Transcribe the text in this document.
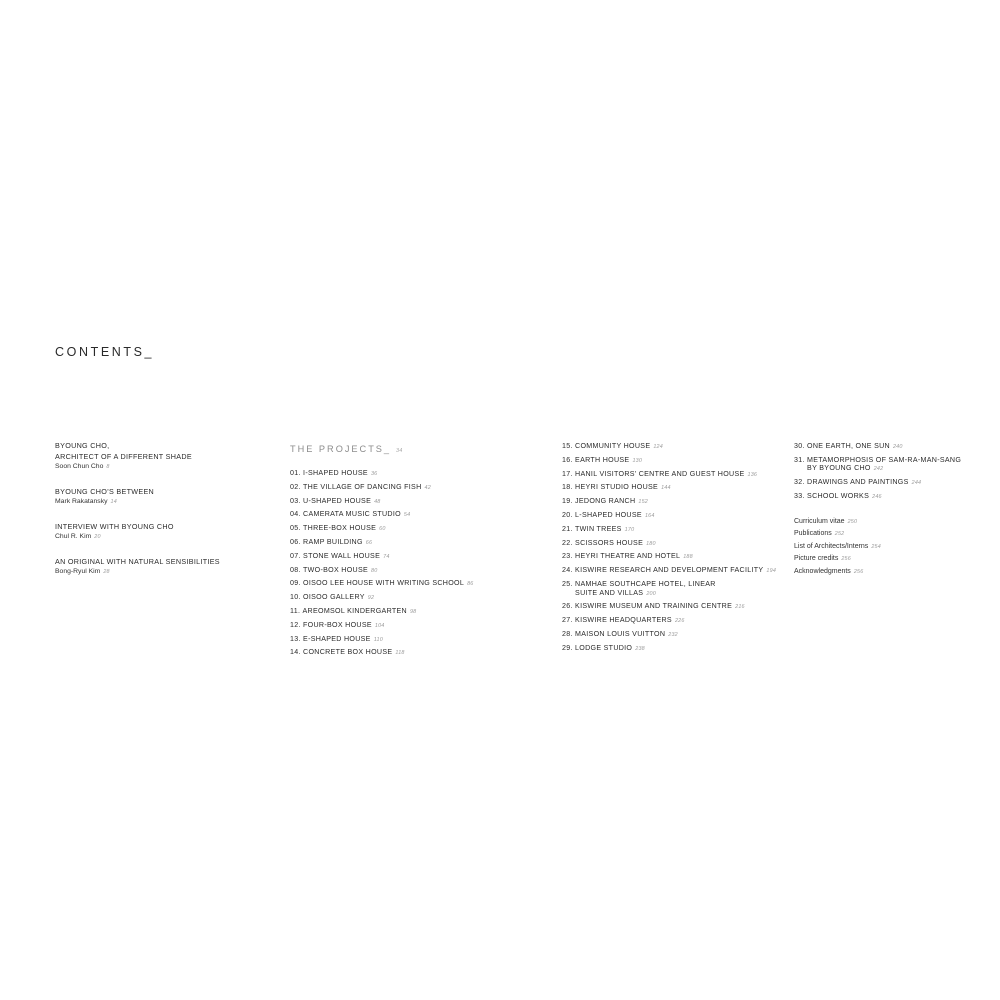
CONTENTS_
BYOUNG CHO,
ARCHITECT OF A DIFFERENT SHADE
Soon Chun Cho 8
BYOUNG CHO’S BETWEEN
Mark Rakatansky 14
INTERVIEW WITH BYOUNG CHO
Chul R. Kim 20
AN ORIGINAL WITH NATURAL SENSIBILITIES
Bong-Ryul Kim 28
THE PROJECTS_ 34
01. I-SHAPED HOUSE 36
02. THE VILLAGE OF DANCING FISH 42
03. U-SHAPED HOUSE 48
04. CAMERATA MUSIC STUDIO 54
05. THREE-BOX HOUSE 60
06. RAMP BUILDING 66
07. STONE WALL HOUSE 74
08. TWO-BOX HOUSE 80
09. OISOO LEE HOUSE WITH WRITING SCHOOL 86
10. OISOO GALLERY 92
11. AREOMSOL KINDERGARTEN 98
12. FOUR-BOX HOUSE 104
13. E-SHAPED HOUSE 110
14. CONCRETE BOX HOUSE 118
15. COMMUNITY HOUSE 124
16. EARTH HOUSE 130
17. HANIL VISITORS’ CENTRE AND GUEST HOUSE 136
18. HEYRI STUDIO HOUSE 144
19. JEDONG RANCH 152
20. L-SHAPED HOUSE 164
21. TWIN TREES 170
22. SCISSORS HOUSE 180
23. HEYRI THEATRE AND HOTEL 188
24. KISWIRE RESEARCH AND DEVELOPMENT FACILITY 194
25. NAMHAE SOUTHCAPE HOTEL, LINEAR SUITE AND VILLAS 200
26. KISWIRE MUSEUM AND TRAINING CENTRE 216
27. KISWIRE HEADQUARTERS 226
28. MAISON LOUIS VUITTON 232
29. LODGE STUDIO 238
30. ONE EARTH, ONE SUN 240
31. METAMORPHOSIS OF SAM-RA-MAN-SANG BY BYOUNG CHO 242
32. DRAWINGS AND PAINTINGS 244
33. SCHOOL WORKS 246
Curriculum vitae 250
Publications 252
List of Architects/Interns 254
Picture credits 256
Acknowledgments 256
